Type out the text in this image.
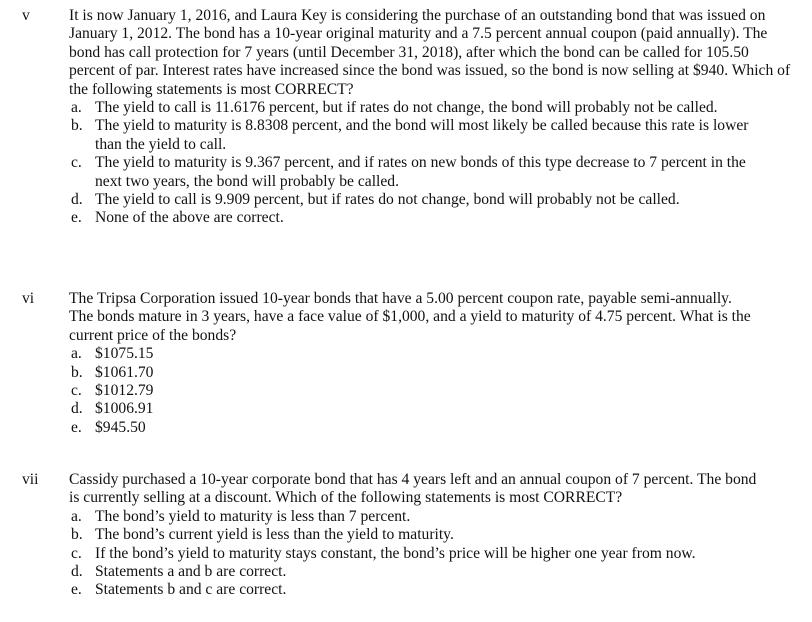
v	It is now January 1, 2016, and Laura Key is considering the purchase of an outstanding bond that was issued on January 1, 2012. The bond has a 10-year original maturity and a 7.5 percent annual coupon (paid annually). The bond has call protection for 7 years (until December 31, 2018), after which the bond can be called for 105.50 percent of par. Interest rates have increased since the bond was issued, so the bond is now selling at $940. Which of the following statements is most CORRECT?

a. The yield to call is 11.6176 percent, but if rates do not change, the bond will probably not be called.
b. The yield to maturity is 8.8308 percent, and the bond will most likely be called because this rate is lower than the yield to call.
c. The yield to maturity is 9.367 percent, and if rates on new bonds of this type decrease to 7 percent in the next two years, the bond will probably be called.
d. The yield to call is 9.909 percent, but if rates do not change, bond will probably not be called.
e. None of the above are correct.
vi The Tripsa Corporation issued 10-year bonds that have a 5.00 percent coupon rate, payable semi-annually. The bonds mature in 3 years, have a face value of $1,000, and a yield to maturity of 4.75 percent. What is the current price of the bonds?

a. $1075.15
b. $1061.70
c. $1012.79
d. $1006.91
e. $945.50
vii Cassidy purchased a 10-year corporate bond that has 4 years left and an annual coupon of 7 percent. The bond is currently selling at a discount. Which of the following statements is most CORRECT?

a. The bond’s yield to maturity is less than 7 percent.
b. The bond’s current yield is less than the yield to maturity.
c. If the bond’s yield to maturity stays constant, the bond’s price will be higher one year from now.
d. Statements a and b are correct.
e. Statements b and c are correct.
